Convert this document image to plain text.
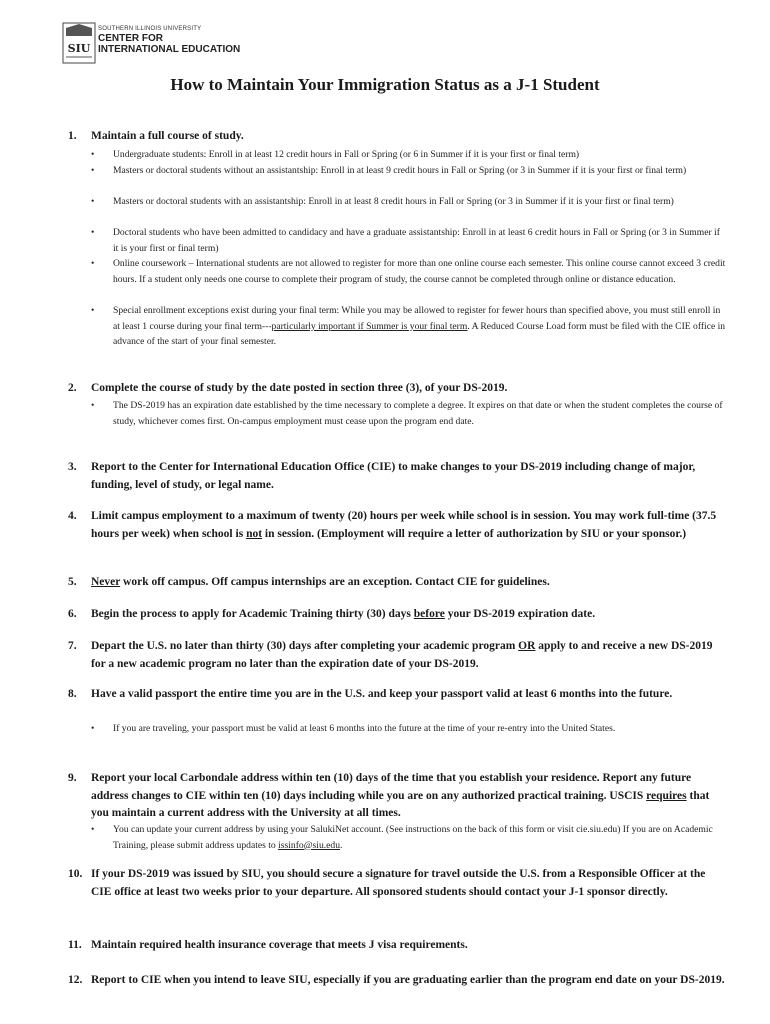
SIU
SOUTHERN ILLINOIS UNIVERSITY
CENTER FOR
INTERNATIONAL EDUCATION
How to Maintain Your Immigration Status as a J-1 Student
1. Maintain a full course of study.
• Undergraduate students: Enroll in at least 12 credit hours in Fall or Spring (or 6 in Summer if it is your first or final term)
• Masters or doctoral students without an assistantship: Enroll in at least 9 credit hours in Fall or Spring (or 3 in Summer if it is your first or final term)
• Masters or doctoral students with an assistantship: Enroll in at least 8 credit hours in Fall or Spring (or 3 in Summer if it is your first or final term)
• Doctoral students who have been admitted to candidacy and have a graduate assistantship: Enroll in at least 6 credit hours in Fall or Spring (or 3 in Summer if it is your first or final term)
• Online coursework – International students are not allowed to register for more than one online course each semester. This online course cannot exceed 3 credit hours. If a student only needs one course to complete their program of study, the course cannot be completed through online or distance education.
• Special enrollment exceptions exist during your final term: While you may be allowed to register for fewer hours than specified above, you must still enroll in at least 1 course during your final term---particularly important if Summer is your final term. A Reduced Course Load form must be filed with the CIE office in advance of the start of your final semester.
2. Complete the course of study by the date posted in section three (3), of your DS-2019.
• The DS-2019 has an expiration date established by the time necessary to complete a degree. It expires on that date or when the student completes the course of study, whichever comes first. On-campus employment must cease upon the program end date.
3. Report to the Center for International Education Office (CIE) to make changes to your DS-2019 including change of major, funding, level of study, or legal name.
4. Limit campus employment to a maximum of twenty (20) hours per week while school is in session. You may work full-time (37.5 hours per week) when school is not in session. (Employment will require a letter of authorization by SIU or your sponsor.)
5. Never work off campus. Off campus internships are an exception. Contact CIE for guidelines.
6. Begin the process to apply for Academic Training thirty (30) days before your DS-2019 expiration date.
7. Depart the U.S. no later than thirty (30) days after completing your academic program OR apply to and receive a new DS-2019 for a new academic program no later than the expiration date of your DS-2019.
8. Have a valid passport the entire time you are in the U.S. and keep your passport valid at least 6 months into the future.
• If you are traveling, your passport must be valid at least 6 months into the future at the time of your re-entry into the United States.
9. Report your local Carbondale address within ten (10) days of the time that you establish your residence. Report any future address changes to CIE within ten (10) days including while you are on any authorized practical training. USCIS requires that you maintain a current address with the University at all times.
• You can update your current address by using your SalukiNet account. (See instructions on the back of this form or visit cie.siu.edu) If you are on Academic Training, please submit address updates to issinfo@siu.edu.
10. If your DS-2019 was issued by SIU, you should secure a signature for travel outside the U.S. from a Responsible Officer at the CIE office at least two weeks prior to your departure. All sponsored students should contact your J-1 sponsor directly.
11. Maintain required health insurance coverage that meets J visa requirements.
12. Report to CIE when you intend to leave SIU, especially if you are graduating earlier than the program end date on your DS-2019.
